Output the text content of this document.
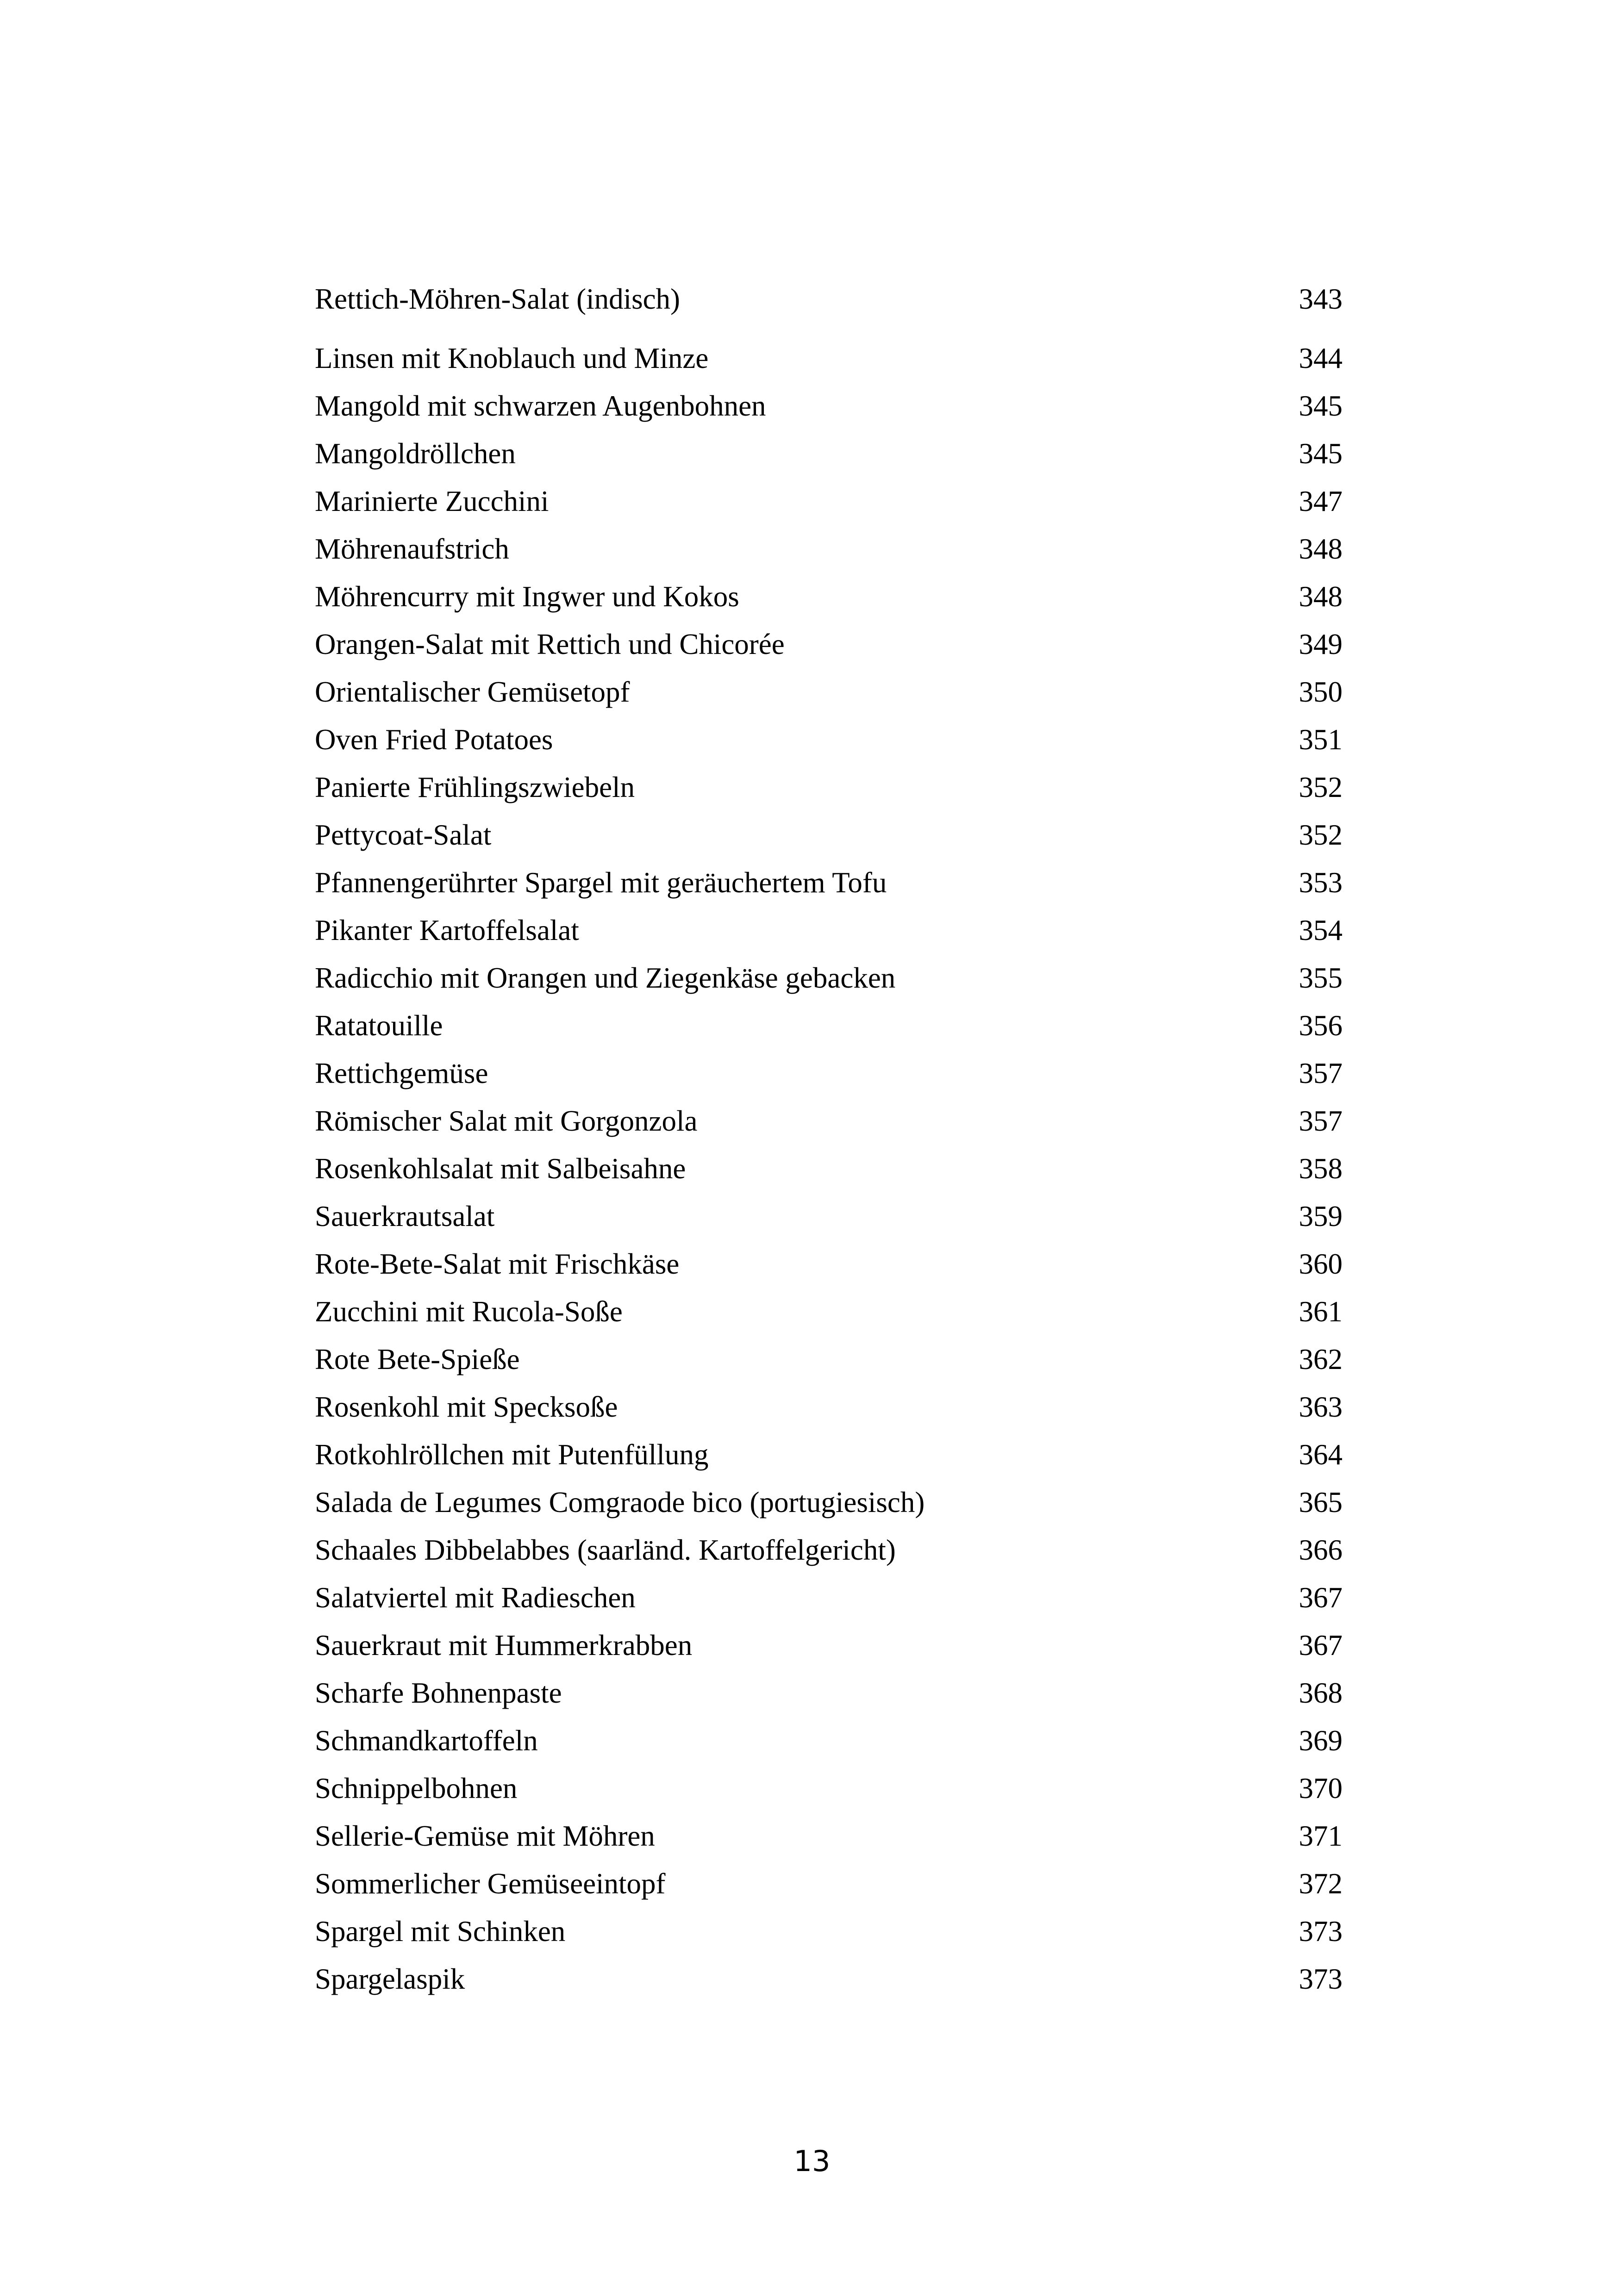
Rettich-Möhren-Salat (indisch)	343
Linsen mit Knoblauch und Minze	344
Mangold mit schwarzen Augenbohnen	345
Mangoldröllchen	345
Marinierte Zucchini	347
Möhrenaufstrich	348
Möhrencurry mit Ingwer und Kokos	348
Orangen-Salat mit Rettich und Chicorée	349
Orientalischer Gemüsetopf	350
Oven Fried Potatoes	351
Panierte Frühlingszwiebeln	352
Pettycoat-Salat	352
Pfannengerührter Spargel mit geräuchertem Tofu	353
Pikanter Kartoffelsalat	354
Radicchio mit Orangen und Ziegenkäse gebacken	355
Ratatouille	356
Rettichgemüse	357
Römischer Salat mit Gorgonzola	357
Rosenkohlsalat mit Salbeisahne	358
Sauerkrautsalat	359
Rote-Bete-Salat mit Frischkäse	360
Zucchini mit Rucola-Soße	361
Rote Bete-Spieße	362
Rosenkohl mit Specksoße	363
Rotkohlröllchen mit Putenfüllung	364
Salada de Legumes Comgraode bico (portugiesisch)	365
Schaales Dibbelabbes (saarländ. Kartoffelgericht)	366
Salatviertel mit Radieschen	367
Sauerkraut mit Hummerkrabben	367
Scharfe Bohnenpaste	368
Schmandkartoffeln	369
Schnippelbohnen	370
Sellerie-Gemüse mit Möhren	371
Sommerlicher Gemüseeintopf	372
Spargel mit Schinken	373
Spargelaspik	373
13
